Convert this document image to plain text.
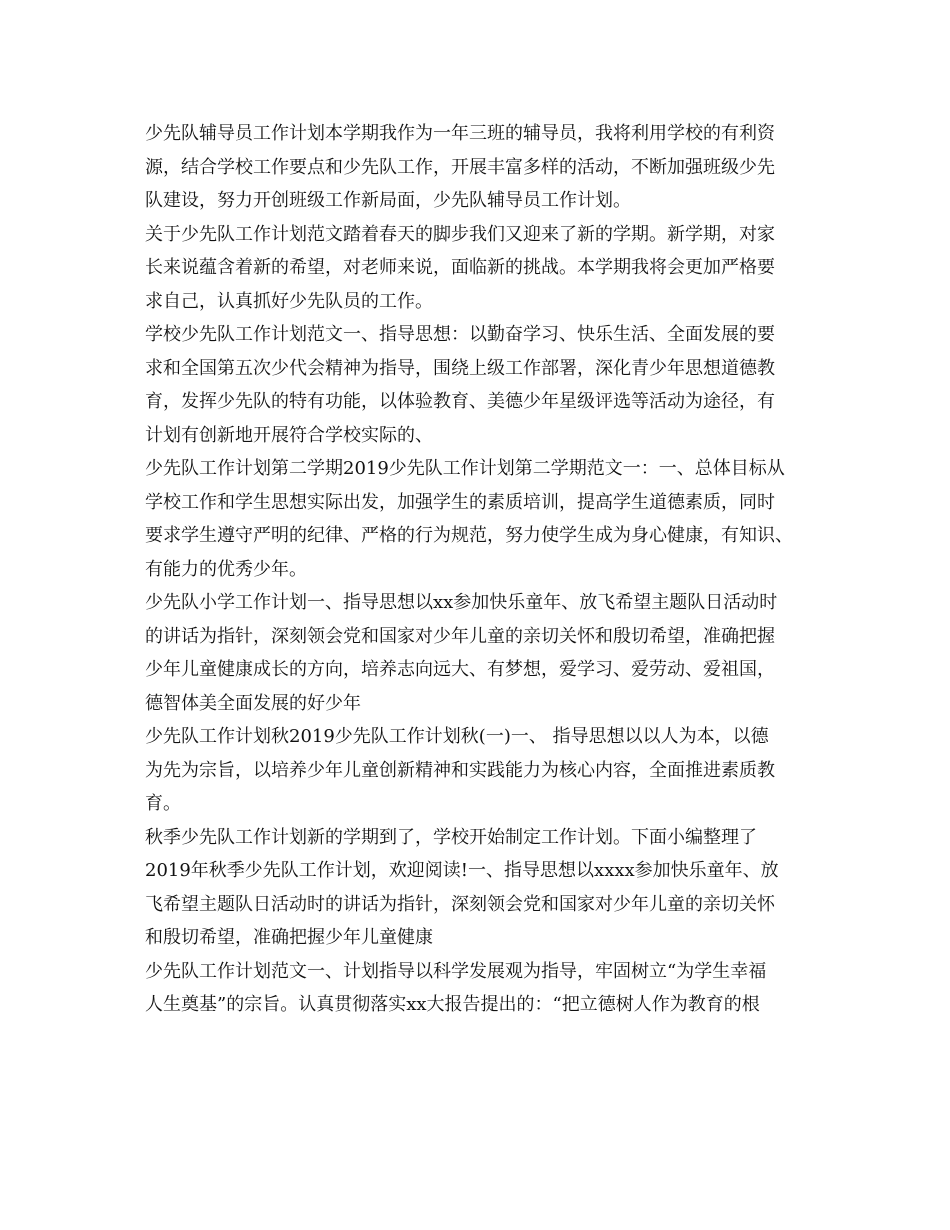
少先队辅导员工作计划本学期我作为一年三班的辅导员，我将利用学校的有利资
源，结合学校工作要点和少先队工作，开展丰富多样的活动，不断加强班级少先
队建设，努力开创班级工作新局面，少先队辅导员工作计划。
关于少先队工作计划范文踏着春天的脚步我们又迎来了新的学期。新学期，对家
长来说蕴含着新的希望，对老师来说，面临新的挑战。本学期我将会更加严格要
求自己，认真抓好少先队员的工作。
学校少先队工作计划范文一、指导思想：以勤奋学习、快乐生活、全面发展的要
求和全国第五次少代会精神为指导，围绕上级工作部署，深化青少年思想道德教
育，发挥少先队的特有功能，以体验教育、美德少年星级评选等活动为途径，有
计划有创新地开展符合学校实际的、
少先队工作计划第二学期2019少先队工作计划第二学期范文一：一、总体目标从
学校工作和学生思想实际出发，加强学生的素质培训，提高学生道德素质，同时
要求学生遵守严明的纪律、严格的行为规范，努力使学生成为身心健康，有知识、
有能力的优秀少年。
少先队小学工作计划一、指导思想以xx参加快乐童年、放飞希望主题队日活动时
的讲话为指针，深刻领会党和国家对少年儿童的亲切关怀和殷切希望，准确把握
少年儿童健康成长的方向，培养志向远大、有梦想，爱学习、爱劳动、爱祖国，
德智体美全面发展的好少年
少先队工作计划秋2019少先队工作计划秋(一)一、 指导思想以以人为本，以德
为先为宗旨，以培养少年儿童创新精神和实践能力为核心内容，全面推进素质教
育。
秋季少先队工作计划新的学期到了，学校开始制定工作计划。下面小编整理了
2019年秋季少先队工作计划，欢迎阅读!一、指导思想以xxxx参加快乐童年、放
飞希望主题队日活动时的讲话为指针，深刻领会党和国家对少年儿童的亲切关怀
和殷切希望，准确把握少年儿童健康
少先队工作计划范文一、计划指导以科学发展观为指导，牢固树立“为学生幸福
人生奠基”的宗旨。认真贯彻落实xx大报告提出的：“把立德树人作为教育的根
